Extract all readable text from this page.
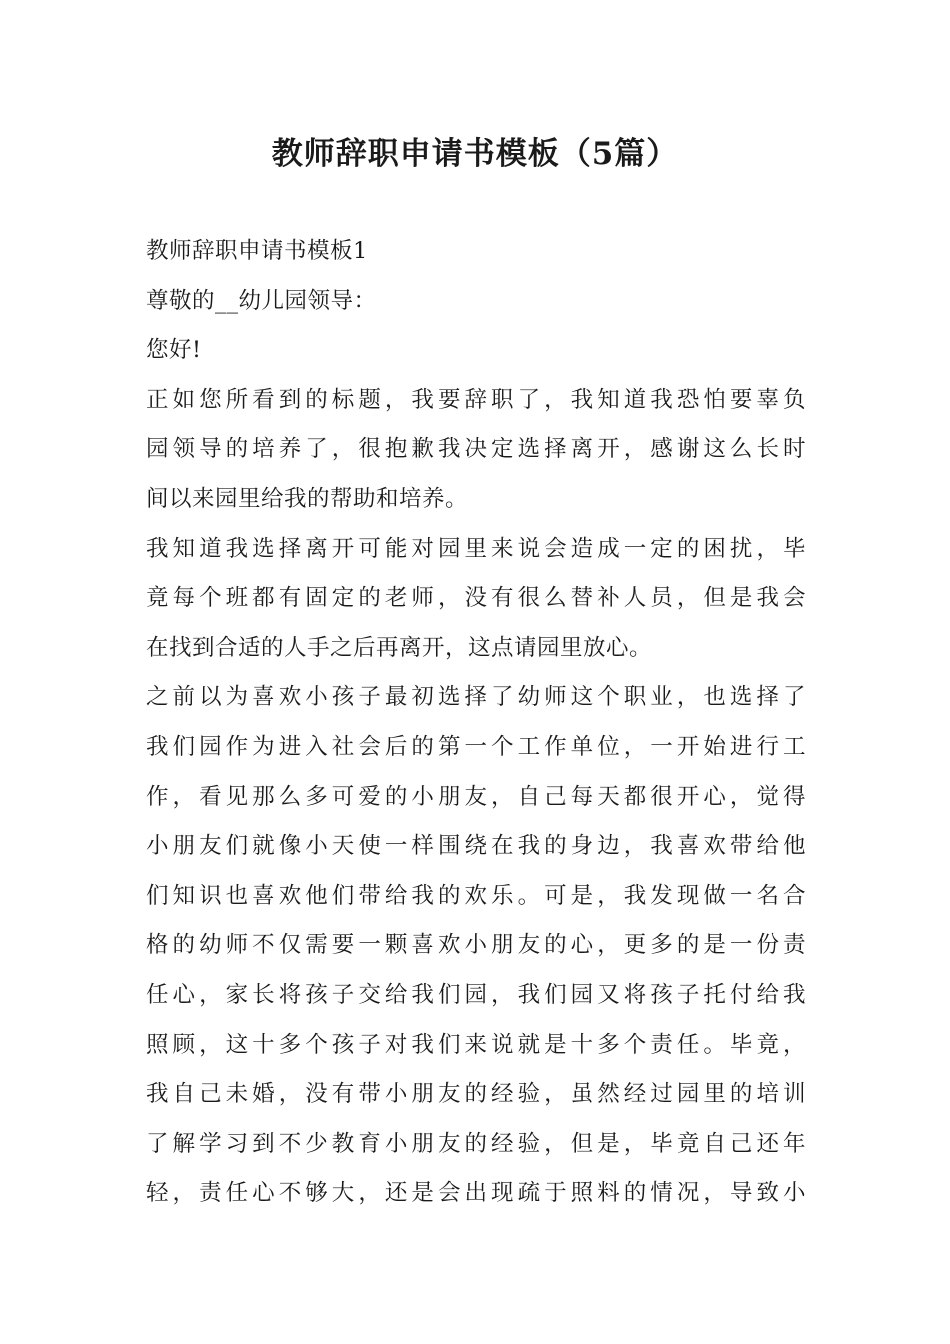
教师辞职申请书模板（5篇）
教师辞职申请书模板1
尊敬的__幼儿园领导：
您好!
正如您所看到的标题，我要辞职了，我知道我恐怕要辜负
园领导的培养了，很抱歉我决定选择离开，感谢这么长时
间以来园里给我的帮助和培养。
我知道我选择离开可能对园里来说会造成一定的困扰，毕
竟每个班都有固定的老师，没有很么替补人员，但是我会
在找到合适的人手之后再离开，这点请园里放心。
之前以为喜欢小孩子最初选择了幼师这个职业，也选择了
我们园作为进入社会后的第一个工作单位，一开始进行工
作，看见那么多可爱的小朋友，自己每天都很开心，觉得
小朋友们就像小天使一样围绕在我的身边，我喜欢带给他
们知识也喜欢他们带给我的欢乐。可是，我发现做一名合
格的幼师不仅需要一颗喜欢小朋友的心，更多的是一份责
任心，家长将孩子交给我们园，我们园又将孩子托付给我
照顾，这十多个孩子对我们来说就是十多个责任。毕竟，
我自己未婚，没有带小朋友的经验，虽然经过园里的培训
了解学习到不少教育小朋友的经验，但是，毕竟自己还年
轻，责任心不够大，还是会出现疏于照料的情况，导致小
